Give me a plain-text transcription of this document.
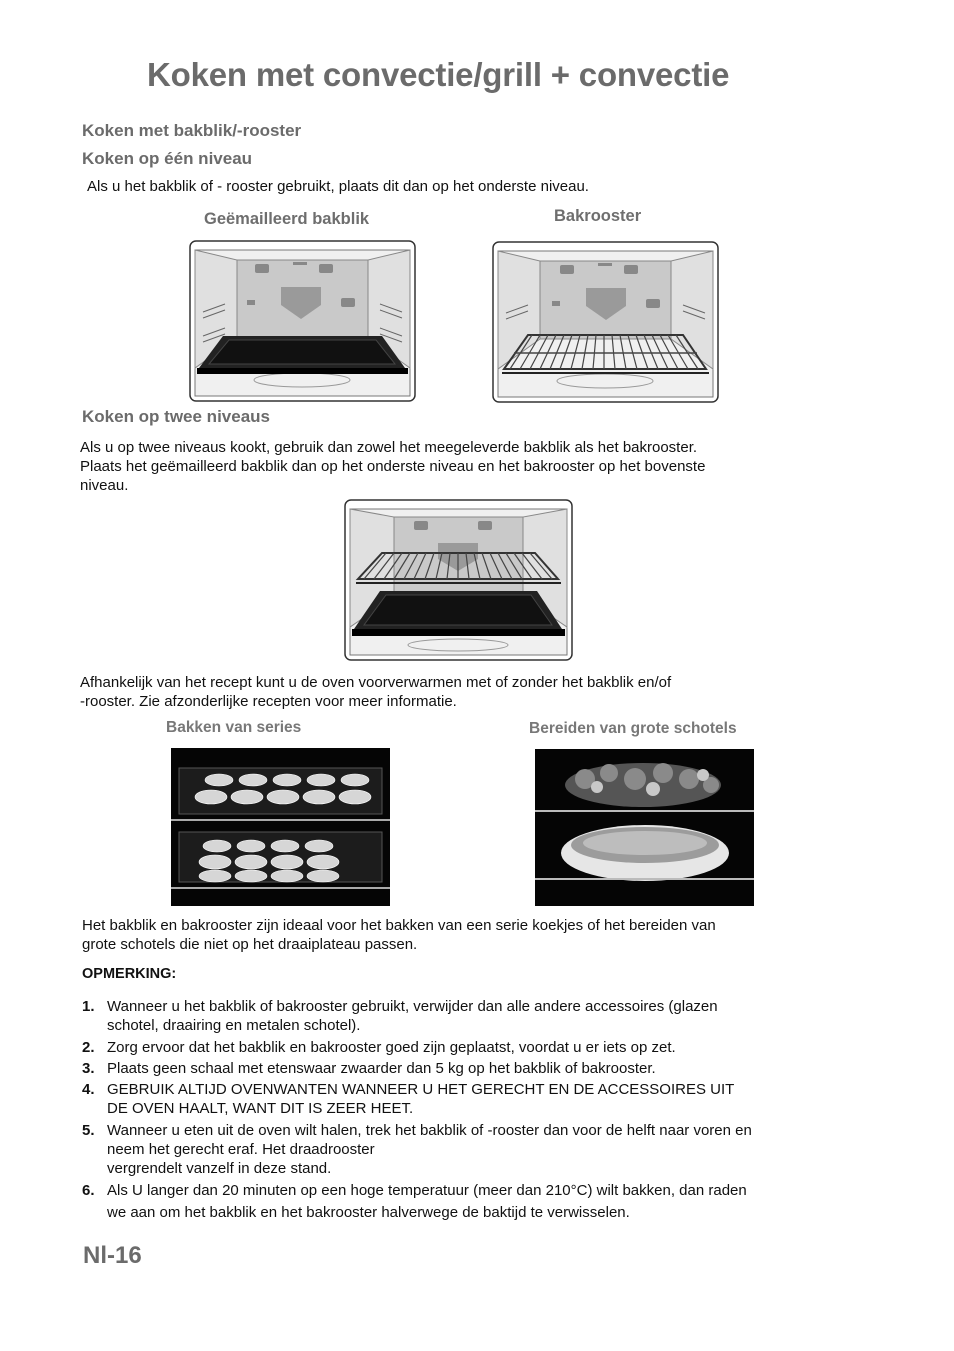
Koken met convectie/grill + convectie
Koken met bakblik/-rooster
Koken op één niveau
Als u het bakblik of - rooster gebruikt, plaats dit dan op het onderste niveau.
Geëmailleerd bakblik	Bakrooster
Koken op twee niveaus
Als u op twee niveaus kookt, gebruik dan zowel het meegeleverde bakblik als het bakrooster.
Plaats het geëmailleerd bakblik dan op het onderste niveau en het bakrooster op het bovenste
niveau.
Afhankelijk van het recept kunt u de oven voorverwarmen met of zonder het bakblik en/of
-rooster. Zie afzonderlijke recepten voor meer informatie.
Bakken van series	Bereiden van grote schotels
Het bakblik en bakrooster zijn ideaal voor het bakken van een serie koekjes of het bereiden van
grote schotels die niet op het draaiplateau passen.
OPMERKING:
1. Wanneer u het bakblik of bakrooster gebruikt, verwijder dan alle andere accessoires (glazen
schotel, draairing en metalen schotel).
2. Zorg ervoor dat het bakblik en bakrooster goed zijn geplaatst, voordat u er iets op zet.
3. Plaats geen schaal met etenswaar zwaarder dan 5 kg op het bakblik of bakrooster.
4. GEBRUIK ALTIJD OVENWANTEN WANNEER U HET GERECHT EN DE ACCESSOIRES UIT
DE OVEN HAALT, WANT DIT IS ZEER HEET.
5. Wanneer u eten uit de oven wilt halen, trek het bakblik of -rooster dan voor de helft naar voren en
neem het gerecht eraf. Het draadrooster
vergrendelt vanzelf in deze stand.
6. Als U langer dan 20 minuten op een hoge temperatuur (meer dan 210°C) wilt bakken, dan raden
we aan om het bakblik en het bakrooster halverwege de baktijd te verwisselen.
Nl-16
